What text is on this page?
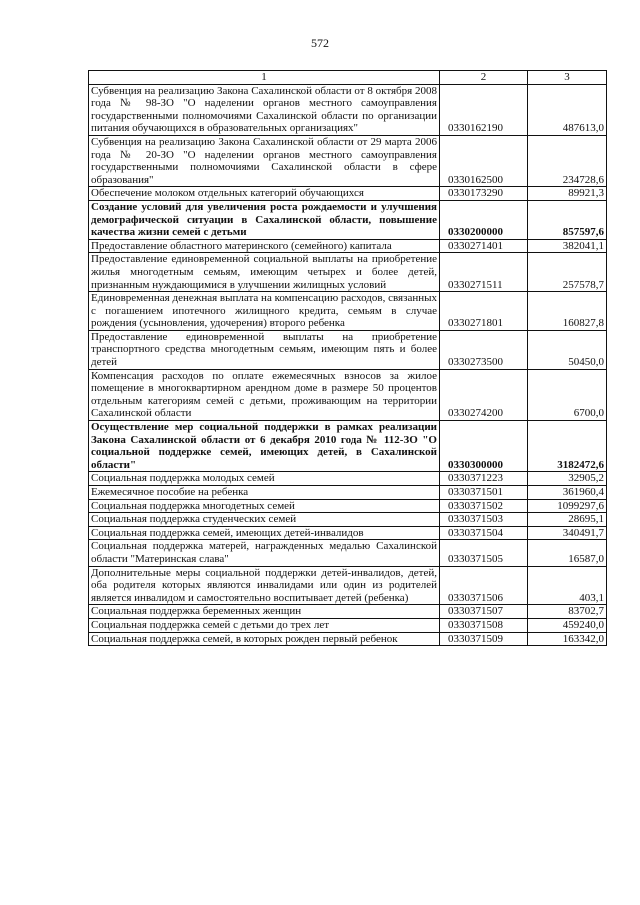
572
1	2	3
Субвенция на реализацию Закона Сахалинской области от 8 октября 2008 года № 98-ЗО "О наделении органов местного самоуправления государственными полномочиями Сахалинской области по организации питания обучающихся в образовательных организациях"	0330162190	487613,0
Субвенция на реализацию Закона Сахалинской области от 29 марта 2006 года № 20-ЗО "О наделении органов местного самоуправления государственными полномочиями Сахалинской области в сфере образования"	0330162500	234728,6
Обеспечение молоком отдельных категорий обучающихся	0330173290	89921,3
Создание условий для увеличения роста рождаемости и улучшения демографической ситуации в Сахалинской области, повышение качества жизни семей с детьми	0330200000	857597,6
Предоставление областного материнского (семейного) капитала	0330271401	382041,1
Предоставление единовременной социальной выплаты на приобретение жилья многодетным семьям, имеющим четырех и более детей, признанным нуждающимися в улучшении жилищных условий	0330271511	257578,7
Единовременная денежная выплата на компенсацию расходов, связанных с погашением ипотечного жилищного кредита, семьям в случае рождения (усыновления, удочерения) второго ребенка	0330271801	160827,8
Предоставление единовременной выплаты на приобретение транспортного средства многодетным семьям, имеющим пять и более детей	0330273500	50450,0
Компенсация расходов по оплате ежемесячных взносов за жилое помещение в многоквартирном арендном доме в размере 50 процентов отдельным категориям семей с детьми, проживающим на территории Сахалинской области	0330274200	6700,0
Осуществление мер социальной поддержки в рамках реализации Закона Сахалинской области от 6 декабря 2010 года № 112-ЗО "О социальной поддержке семей, имеющих детей, в Сахалинской области"	0330300000	3182472,6
Социальная поддержка молодых семей	0330371223	32905,2
Ежемесячное пособие на ребенка	0330371501	361960,4
Социальная поддержка многодетных семей	0330371502	1099297,6
Социальная поддержка студенческих семей	0330371503	28695,1
Социальная поддержка семей, имеющих детей-инвалидов	0330371504	340491,7
Социальная поддержка матерей, награжденных медалью Сахалинской области "Материнская слава"	0330371505	16587,0
Дополнительные меры социальной поддержки детей-инвалидов, детей, оба родителя которых являются инвалидами или один из родителей является инвалидом и самостоятельно воспитывает детей (ребенка)	0330371506	403,1
Социальная поддержка беременных женщин	0330371507	83702,7
Социальная поддержка семей с детьми до трех лет	0330371508	459240,0
Социальная поддержка семей, в которых рожден первый ребенок	0330371509	163342,0
